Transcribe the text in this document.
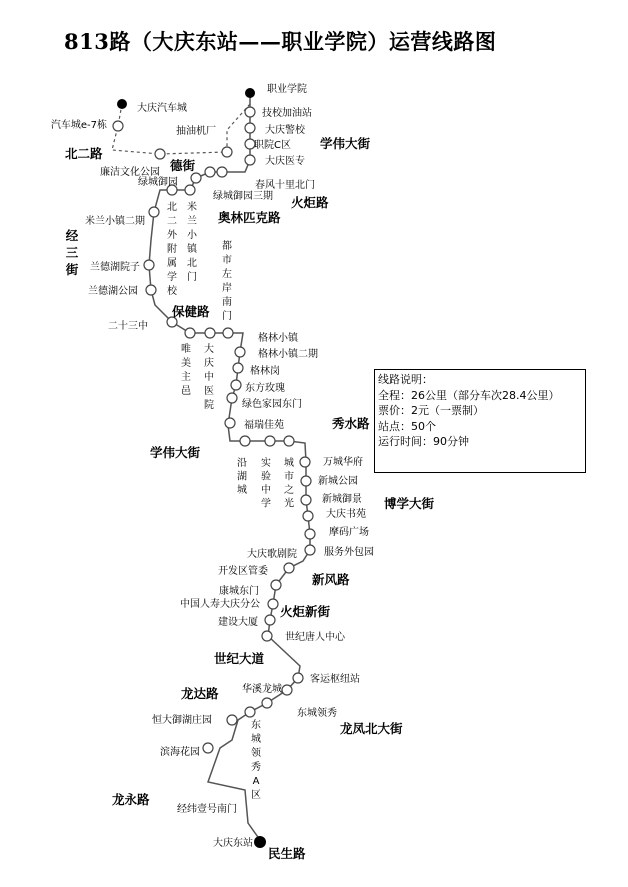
813路（大庆东站——职业学院）运营线路图
职业学院
大庆汽车城
大庆东站
汽车城e-7栋
技校加油站
大庆警校
职院C区
大庆医专
抽油机厂
廉洁文化公园
绿城御园	春风十里北门
绿城御园三期
北二外附属学校
米兰小镇北门
米兰小镇二期
兰德湖院子
兰德湖公园
都市左岸南门
二十三中
唯美主邑
大庆中医院
格林小镇
格林小镇二期
格林岗
东方玫瑰
绿色家园东门
福瑞佳苑
沿湖城
实验中学
城市之光
万城华府
新城公园
新城御景
大庆书苑
摩码广场
服务外包园
大庆歌剧院
开发区管委
康城东门
中国人寿大庆分公
建设大厦
世纪唐人中心
客运枢纽站
华溪龙城
东城领秀
恒大御湖庄园	东城领秀 A 区
滨海花园
经纬壹号南门
北二路
德街
学伟大街
火炬路
奥林匹克路
经三街
保健路
学伟大街
秀水路
博学大街
新风路
火炬新街
世纪大道
龙达路
龙凤北大街
龙永路
民生路
线路说明：
全程：26公里（部分车次28.4公里）
票价：2元（一票制）
站点：50个
运行时间：90分钟
